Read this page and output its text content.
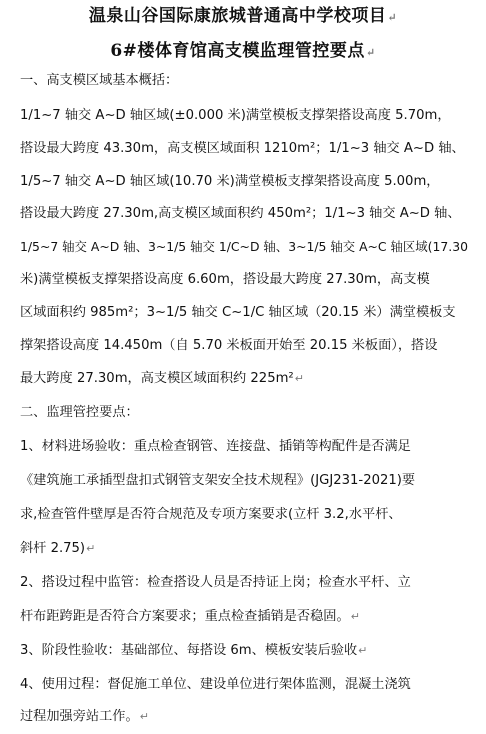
温泉山谷国际康旅城普通高中学校项目↵
6#楼体育馆高支模监理管控要点↵
一、高支模区域基本概括：
1/1~7 轴交 A~D 轴区域(±0.000 米)满堂模板支撑架搭设高度 5.70m，
搭设最大跨度 43.30m，高支模区域面积 1210m²；1/1~3 轴交 A~D 轴、
1/5~7 轴交 A~D 轴区域(10.70 米)满堂模板支撑架搭设高度 5.00m，
搭设最大跨度 27.30m,高支模区域面积约 450m²；1/1~3 轴交 A~D 轴、
1/5~7 轴交 A~D 轴、3~1/5 轴交 1/C~D 轴、3~1/5 轴交 A~C 轴区域(17.30
米)满堂模板支撑架搭设高度 6.60m，搭设最大跨度 27.30m，高支模
区域面积约 985m²；3~1/5 轴交 C~1/C 轴区域（20.15 米）满堂模板支
撑架搭设高度 14.450m（自 5.70 米板面开始至 20.15 米板面），搭设
最大跨度 27.30m，高支模区域面积约 225m²↵
二、监理管控要点：
1、材料进场验收：重点检查钢管、连接盘、插销等构配件是否满足
《建筑施工承插型盘扣式钢管支架安全技术规程》(JGJ231-2021)要
求,检查管件壁厚是否符合规范及专项方案要求(立杆 3.2,水平杆、
斜杆 2.75)↵
2、搭设过程中监管：检查搭设人员是否持证上岗；检查水平杆、立
杆布距跨距是否符合方案要求；重点检查插销是否稳固。↵
3、阶段性验收：基础部位、每搭设 6m、模板安装后验收↵
4、使用过程：督促施工单位、建设单位进行架体监测，混凝土浇筑
过程加强旁站工作。↵
